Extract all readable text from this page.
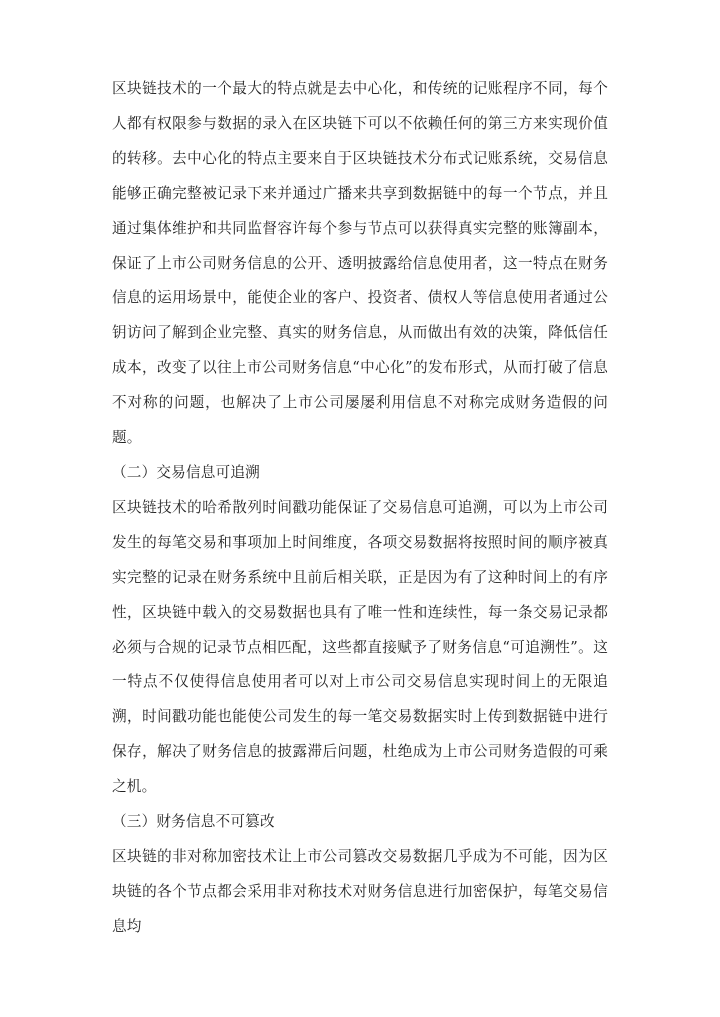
区块链技术的一个最大的特点就是去中心化，和传统的记账程序不同，每个人都有权限参与数据的录入在区块链下可以不依赖任何的第三方来实现价值的转移。去中心化的特点主要来自于区块链技术分布式记账系统，交易信息能够正确完整被记录下来并通过广播来共享到数据链中的每一个节点，并且通过集体维护和共同监督容许每个参与节点可以获得真实完整的账簿副本，保证了上市公司财务信息的公开、透明披露给信息使用者，这一特点在财务信息的运用场景中，能使企业的客户、投资者、债权人等信息使用者通过公钥访问了解到企业完整、真实的财务信息，从而做出有效的决策，降低信任成本，改变了以往上市公司财务信息“中心化”的发布形式，从而打破了信息不对称的问题，也解决了上市公司屡屡利用信息不对称完成财务造假的问题。

（二）交易信息可追溯

区块链技术的哈希散列时间戳功能保证了交易信息可追溯，可以为上市公司发生的每笔交易和事项加上时间维度，各项交易数据将按照时间的顺序被真实完整的记录在财务系统中且前后相关联，正是因为有了这种时间上的有序性，区块链中载入的交易数据也具有了唯一性和连续性，每一条交易记录都必须与合规的记录节点相匹配，这些都直接赋予了财务信息“可追溯性”。这一特点不仅使得信息使用者可以对上市公司交易信息实现时间上的无限追溯，时间戳功能也能使公司发生的每一笔交易数据实时上传到数据链中进行保存，解决了财务信息的披露滞后问题，杜绝成为上市公司财务造假的可乘之机。

（三）财务信息不可篡改

区块链的非对称加密技术让上市公司篡改交易数据几乎成为不可能，因为区块链的各个节点都会采用非对称技术对财务信息进行加密保护，每笔交易信息均
